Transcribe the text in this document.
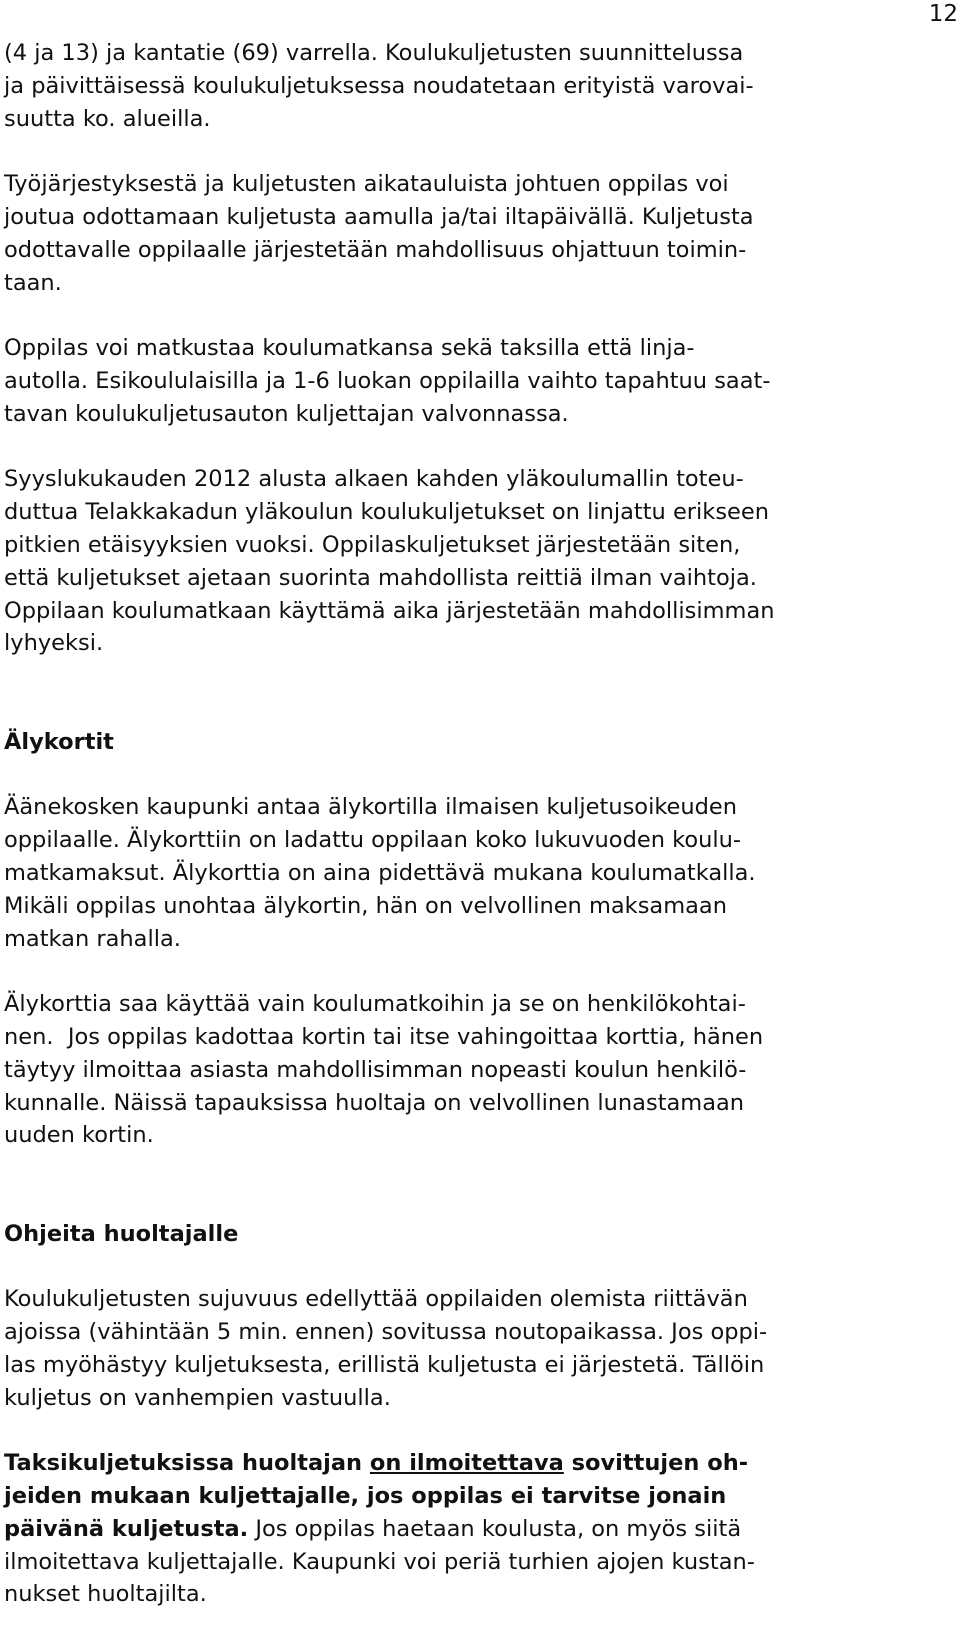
12

(4 ja 13) ja kantatie (69) varrella. Koulukuljetusten suunnittelussa
ja päivittäisessä koulukuljetuksessa noudatetaan erityistä varovai-
suutta ko. alueilla.

Työjärjestyksestä ja kuljetusten aikatauluista johtuen oppilas voi
joutua odottamaan kuljetusta aamulla ja/tai iltapäivällä. Kuljetusta
odottavalle oppilaalle järjestetään mahdollisuus ohjattuun toimin-
taan.

Oppilas voi matkustaa koulumatkansa sekä taksilla että linja-
autolla. Esikoululaisilla ja 1-6 luokan oppilailla vaihto tapahtuu saat-
tavan koulukuljetusauton kuljettajan valvonnassa.

Syyslukukauden 2012 alusta alkaen kahden yläkoulumallin toteu-
duttua Telakkakadun yläkoulun koulukuljetukset on linjattu erikseen
pitkien etäisyyksien vuoksi. Oppilaskuljetukset järjestetään siten,
että kuljetukset ajetaan suorinta mahdollista reittiä ilman vaihtoja.
Oppilaan koulumatkaan käyttämä aika järjestetään mahdollisimman
lyhyeksi.

Älykortit

Äänekosken kaupunki antaa älykortilla ilmaisen kuljetusoikeuden
oppilaalle. Älykorttiin on ladattu oppilaan koko lukuvuoden koulu-
matkamaksut. Älykorttia on aina pidettävä mukana koulumatkalla.
Mikäli oppilas unohtaa älykortin, hän on velvollinen maksamaan
matkan rahalla.

Älykorttia saa käyttää vain koulumatkoihin ja se on henkilökohtai-
nen.  Jos oppilas kadottaa kortin tai itse vahingoittaa korttia, hänen
täytyy ilmoittaa asiasta mahdollisimman nopeasti koulun henkilö-
kunnalle. Näissä tapauksissa huoltaja on velvollinen lunastamaan
uuden kortin.

Ohjeita huoltajalle

Koulukuljetusten sujuvuus edellyttää oppilaiden olemista riittävän
ajoissa (vähintään 5 min. ennen) sovitussa noutopaikassa. Jos oppi-
las myöhästyy kuljetuksesta, erillistä kuljetusta ei järjestetä. Tällöin
kuljetus on vanhempien vastuulla.

Taksikuljetuksissa huoltajan on ilmoitettava sovittujen oh-
jeiden mukaan kuljettajalle, jos oppilas ei tarvitse jonain
päivänä kuljetusta. Jos oppilas haetaan koulusta, on myös siitä
ilmoitettava kuljettajalle. Kaupunki voi periä turhien ajojen kustan-
nukset huoltajilta.
